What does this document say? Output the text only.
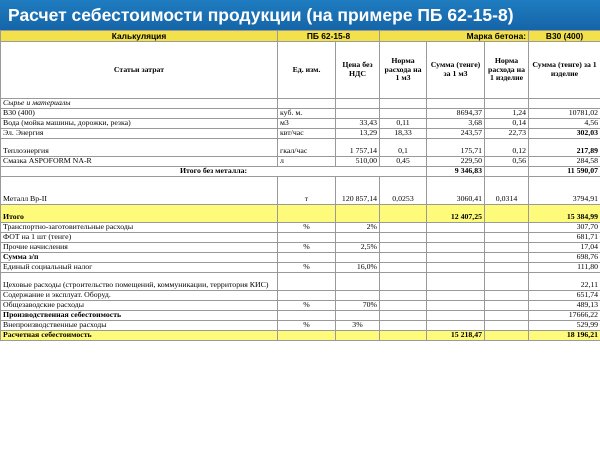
Расчет себестоимости продукции (на примере ПБ 62-15-8)
Калькуляция	ПБ 62-15-8		Марка бетона:			В30 (400)
Статьи затрат	Ед. изм.	Цена без НДС	Норма расхода на 1 м3	Сумма (тенге) за 1 м3	Норма расхода на 1 изделие	Сумма (тенге) за 1 изделие
Сырье и материалы						
В30 (400)	куб. м.			8694,37	1,24	10781,02
Вода (мойка машины, дорожки, резка)	м3	33,43	0,11	3,68	0,14	4,56
Эл. Энергия	квт/час	13,29	18,33	243,57	22,73	302,03
Теплоэнергия	гкал/час	1 757,14	0,1	175,71	0,12	217,89
Смазка ASPOFORM NA-R	л	510,00	0,45	229,50	0,56	284,58
Итого без металла:				9 346,83		11 590,07
Металл Вр-II	т	120 857,14	0,0253	3060,41	0,0314	3794,91
Итого				12 407,25		15 384,99
Транспортно-заготовительные расходы	%	2%				307,70
ФОТ на 1 шт (тенге)						681,71
Прочие начисления	%	2,5%				17,04
Сумма з/п						698,76
Единый социальный налог	%	16,0%				111,80
Цеховые расходы (строительство помещений, коммуникации, территория КИС)						22,11
Содержание и эксплуат. Оборуд.						651,74
Общезаводские расходы	%	70%				489,13
Производственная себестоимость						17666,22
Внепроизводственные расходы	%	3%				529,99
Расчетная себестоимость				15 218,47		18 196,21
